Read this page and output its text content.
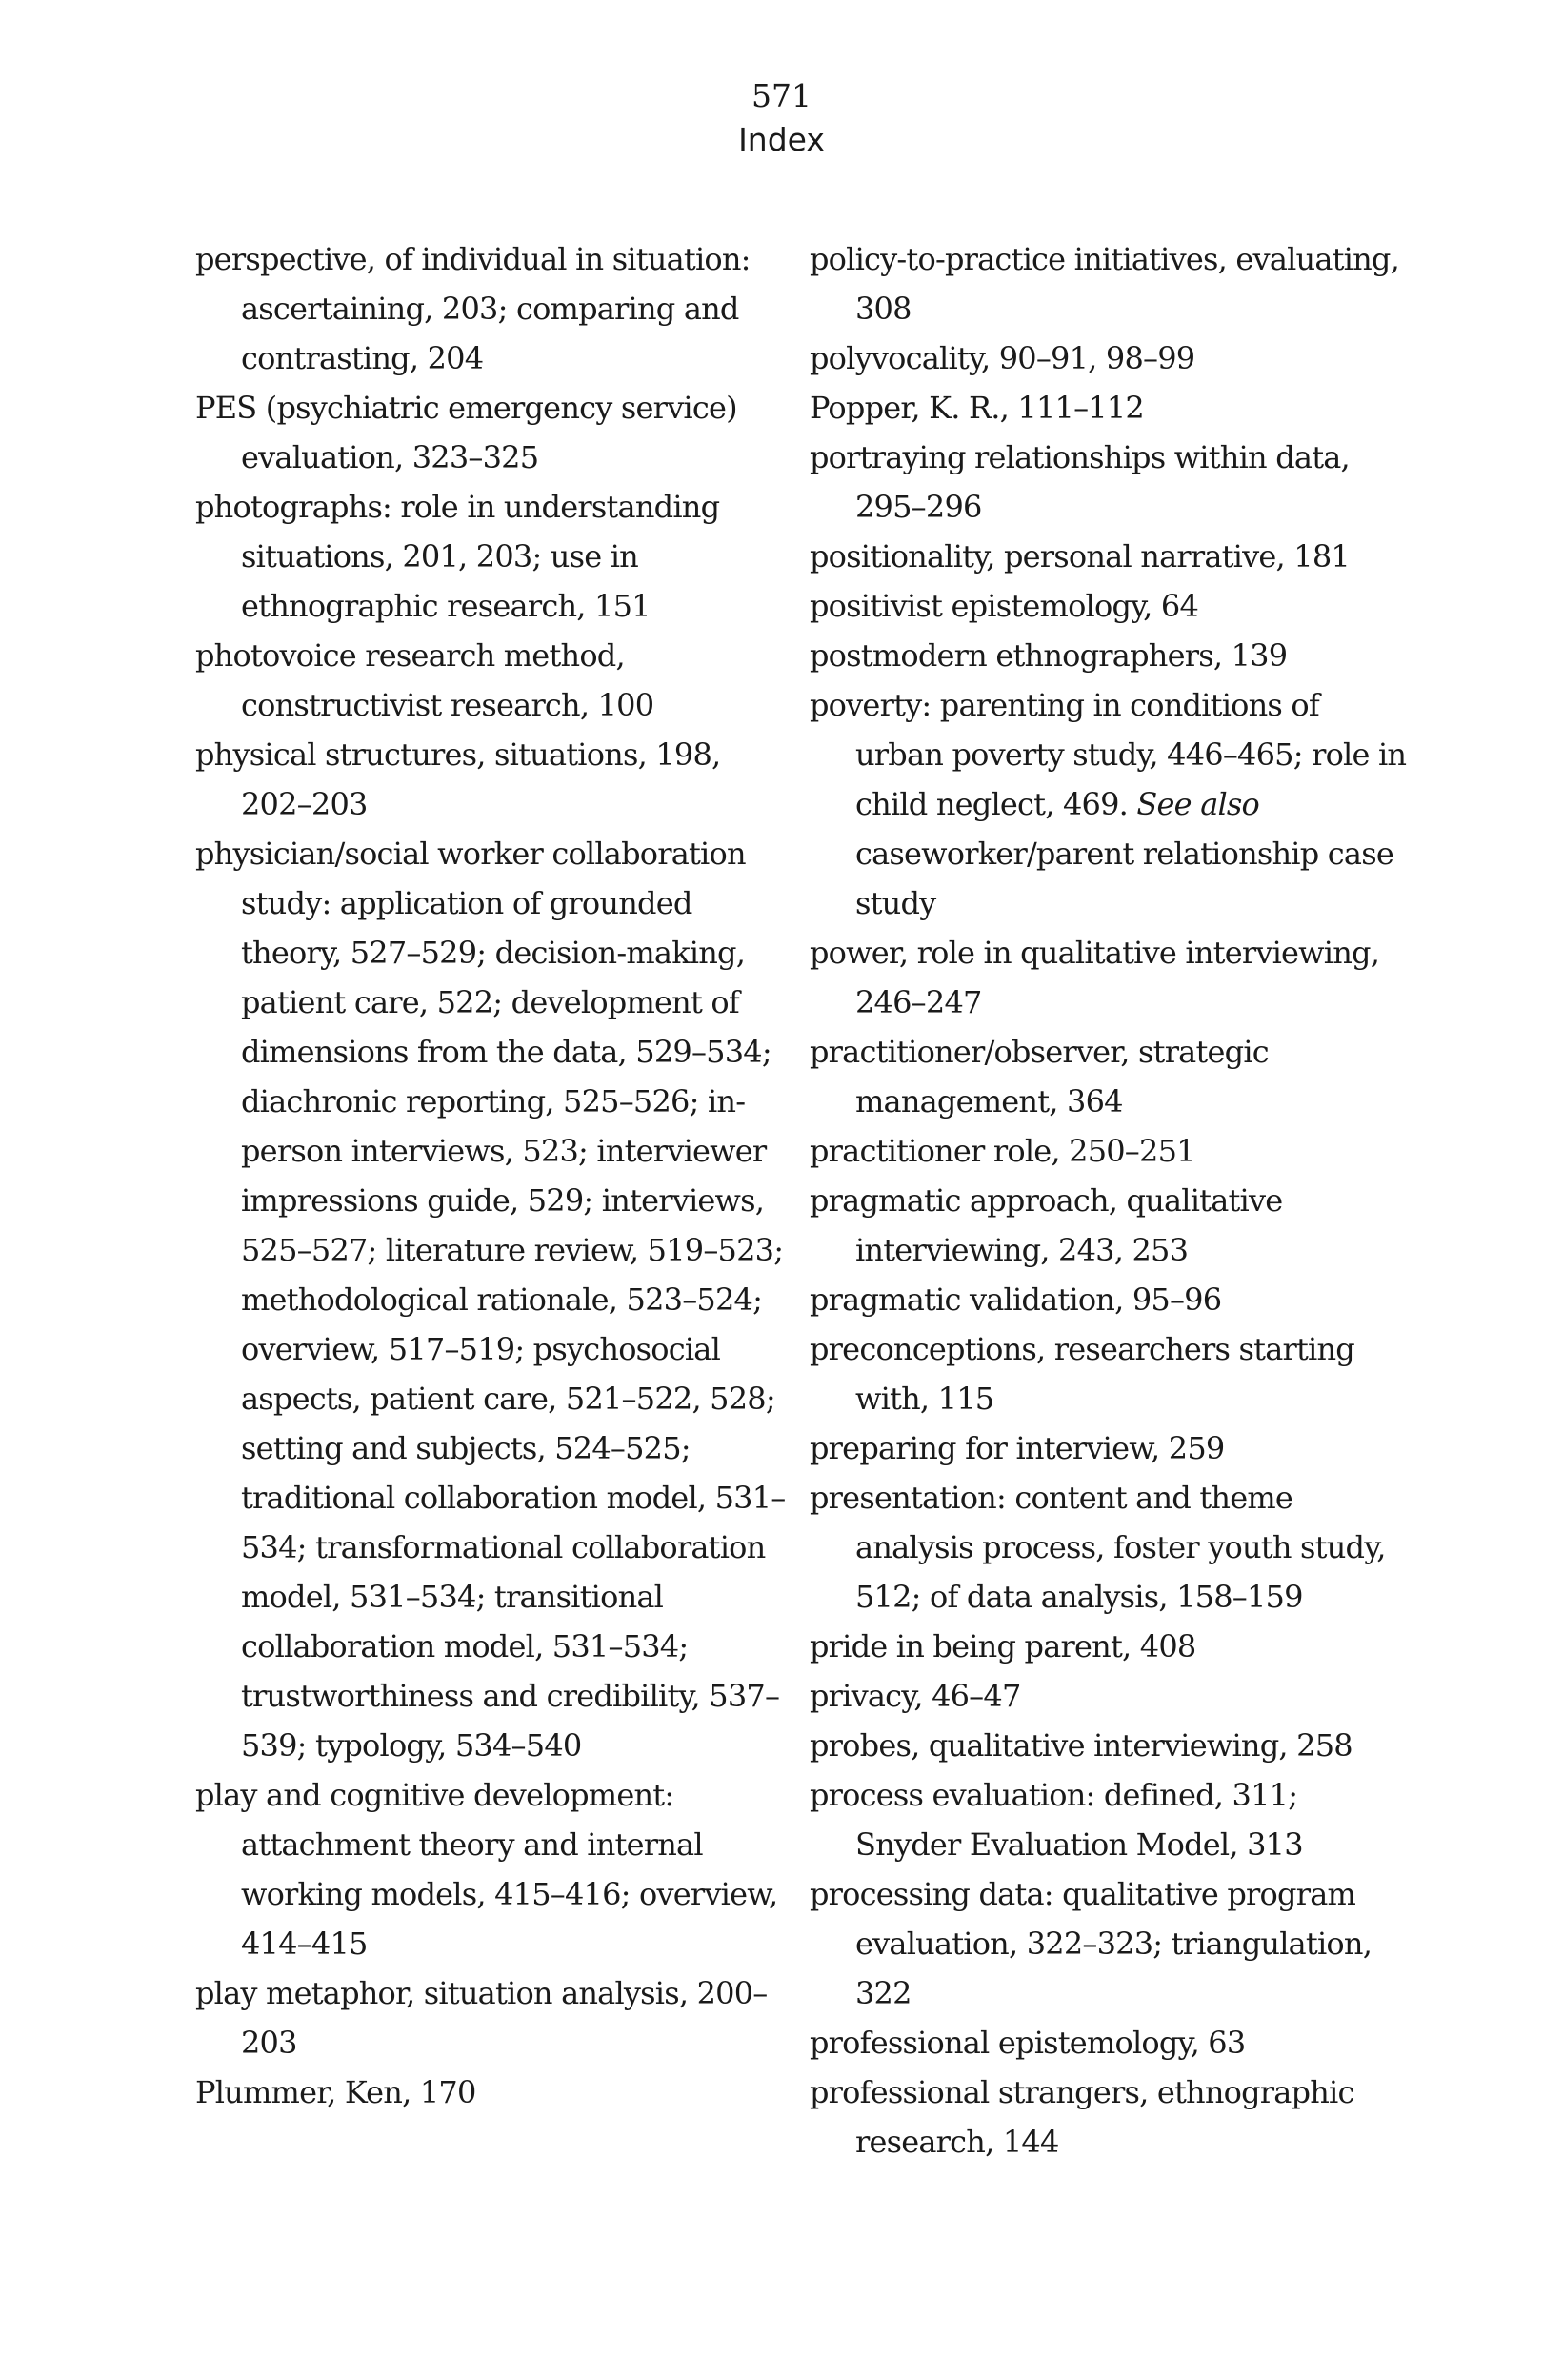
571
Index

perspective, of individual in situation: ascertaining, 203; comparing and contrasting, 204

PES (psychiatric emergency service) evaluation, 323–325

photographs: role in understanding situations, 201, 203; use in ethnographic research, 151

photovoice research method, constructivist research, 100

physical structures, situations, 198, 202–203

physician/social worker collaboration study: application of grounded theory, 527–529; decision-making, patient care, 522; development of dimensions from the data, 529–534; diachronic reporting, 525–526; in-person interviews, 523; interviewer impressions guide, 529; interviews, 525–527; literature review, 519–523; methodological rationale, 523–524; overview, 517–519; psychosocial aspects, patient care, 521–522, 528; setting and subjects, 524–525; traditional collaboration model, 531–534; transformational collaboration model, 531–534; transitional collaboration model, 531–534; trustworthiness and credibility, 537–539; typology, 534–540

play and cognitive development: attachment theory and internal working models, 415–416; overview, 414–415

play metaphor, situation analysis, 200–203

Plummer, Ken, 170

policy-to-practice initiatives, evaluating, 308

polyvocality, 90–91, 98–99

Popper, K. R., 111–112

portraying relationships within data, 295–296

positionality, personal narrative, 181

positivist epistemology, 64

postmodern ethnographers, 139

poverty: parenting in conditions of urban poverty study, 446–465; role in child neglect, 469. See also caseworker/parent relationship case study

power, role in qualitative interviewing, 246–247

practitioner/observer, strategic management, 364

practitioner role, 250–251

pragmatic approach, qualitative interviewing, 243, 253

pragmatic validation, 95–96

preconceptions, researchers starting with, 115

preparing for interview, 259

presentation: content and theme analysis process, foster youth study, 512; of data analysis, 158–159

pride in being parent, 408

privacy, 46–47

probes, qualitative interviewing, 258

process evaluation: defined, 311; Snyder Evaluation Model, 313

processing data: qualitative program evaluation, 322–323; triangulation, 322

professional epistemology, 63

professional strangers, ethnographic research, 144
